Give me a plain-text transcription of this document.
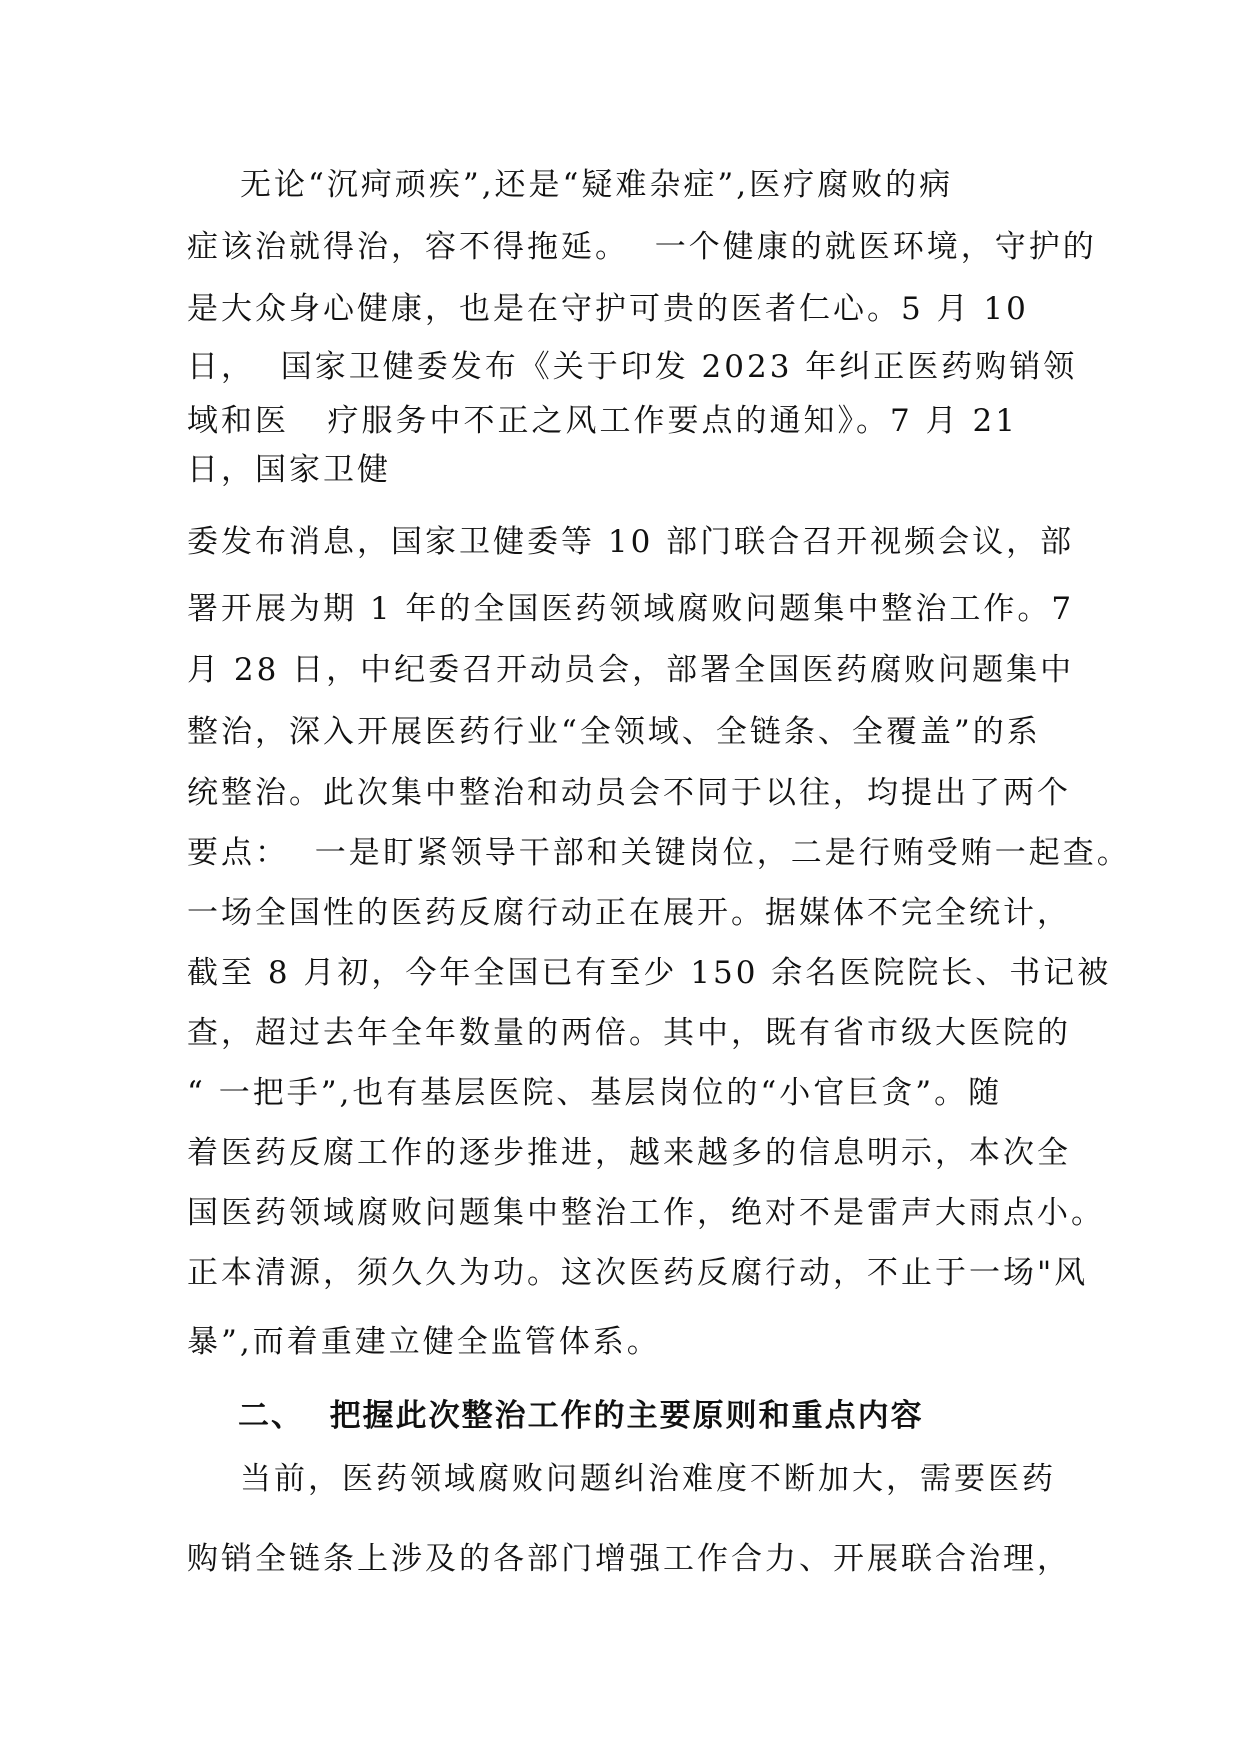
无论“沉疴顽疾”,还是“疑难杂症”,医疗腐败的病

症该治就得治，容不得拖延。  一个健康的就医环境，守护的

是大众身心健康，也是在守护可贵的医者仁心。5 月 10

日，  国家卫健委发布《关于印发 2023 年纠正医药购销领

域和医   疗服务中不正之风工作要点的通知》。7 月 21

日，国家卫健

委发布消息，国家卫健委等 10 部门联合召开视频会议，部

署开展为期 1 年的全国医药领域腐败问题集中整治工作。7

月 28 日，中纪委召开动员会，部署全国医药腐败问题集中

整治，深入开展医药行业“全领域、全链条、全覆盖”的系

统整治。此次集中整治和动员会不同于以往，均提出了两个

要点：  一是盯紧领导干部和关键岗位，二是行贿受贿一起查。

一场全国性的医药反腐行动正在展开。据媒体不完全统计，

截至 8 月初，今年全国已有至少 150 余名医院院长、书记被

查，超过去年全年数量的两倍。其中，既有省市级大医院的

“ 一把手”,也有基层医院、基层岗位的“小官巨贪”。随

着医药反腐工作的逐步推进，越来越多的信息明示，本次全

国医药领域腐败问题集中整治工作，绝对不是雷声大雨点小。

正本清源，须久久为功。这次医药反腐行动，不止于一场"风

暴”,而着重建立健全监管体系。

二、  把握此次整治工作的主要原则和重点内容

当前，医药领域腐败问题纠治难度不断加大，需要医药

购销全链条上涉及的各部门增强工作合力、开展联合治理，
